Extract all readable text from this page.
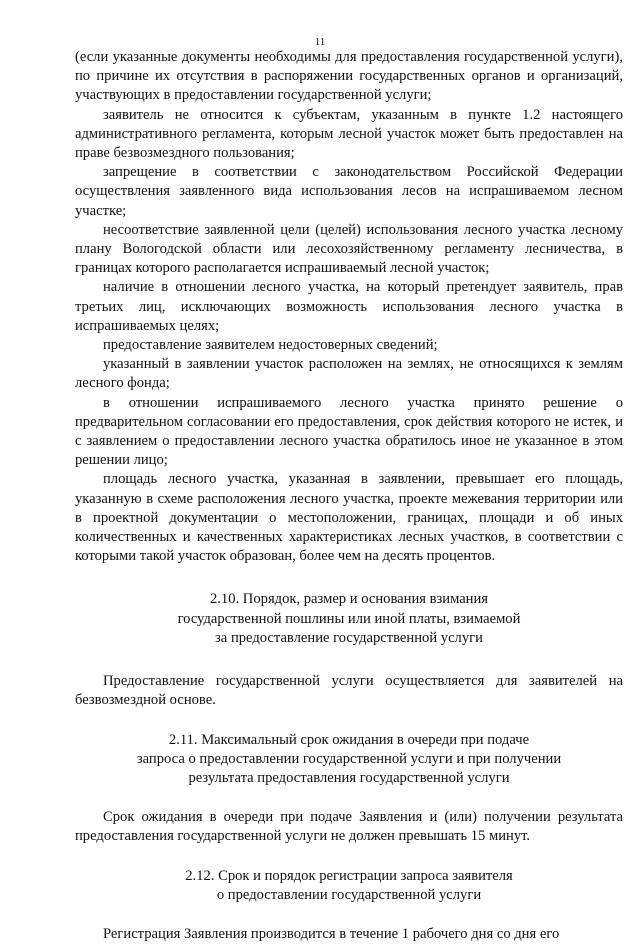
11

(если указанные документы необходимы для предоставления государственной услуги), по причине их отсутствия в распоряжении государственных органов и организаций, участвующих в предоставлении государственной услуги;

заявитель не относится к субъектам, указанным в пункте 1.2 настоящего административного регламента, которым лесной участок может быть предоставлен на праве безвозмездного пользования;

запрещение в соответствии с законодательством Российской Федерации осуществления заявленного вида использования лесов на испрашиваемом лесном участке;

несоответствие заявленной цели (целей) использования лесного участка лесному плану Вологодской области или лесохозяйственному регламенту лесничества, в границах которого располагается испрашиваемый лесной участок;

наличие в отношении лесного участка, на который претендует заявитель, прав третьих лиц, исключающих возможность использования лесного участка в испрашиваемых целях;

предоставление заявителем недостоверных сведений;

указанный в заявлении участок расположен на землях, не относящихся к землям лесного фонда;

в отношении испрашиваемого лесного участка принято решение о предварительном согласовании его предоставления, срок действия которого не истек, и с заявлением о предоставлении лесного участка обратилось иное не указанное в этом решении лицо;

площадь лесного участка, указанная в заявлении, превышает его площадь, указанную в схеме расположения лесного участка, проекте межевания территории или в проектной документации о местоположении, границах, площади и об иных количественных и качественных характеристиках лесных участков, в соответствии с которыми такой участок образован, более чем на десять процентов.

2.10. Порядок, размер и основания взимания
государственной пошлины или иной платы, взимаемой
за предоставление государственной услуги

Предоставление государственной услуги осуществляется для заявителей на безвозмездной основе.

2.11. Максимальный срок ожидания в очереди при подаче
запроса о предоставлении государственной услуги и при получении
результата предоставления государственной услуги

Срок ожидания в очереди при подаче Заявления и (или) получении результата предоставления государственной услуги не должен превышать 15 минут.

2.12. Срок и порядок регистрации запроса заявителя
о предоставлении государственной услуги

Регистрация Заявления производится в течение 1 рабочего дня со дня его
